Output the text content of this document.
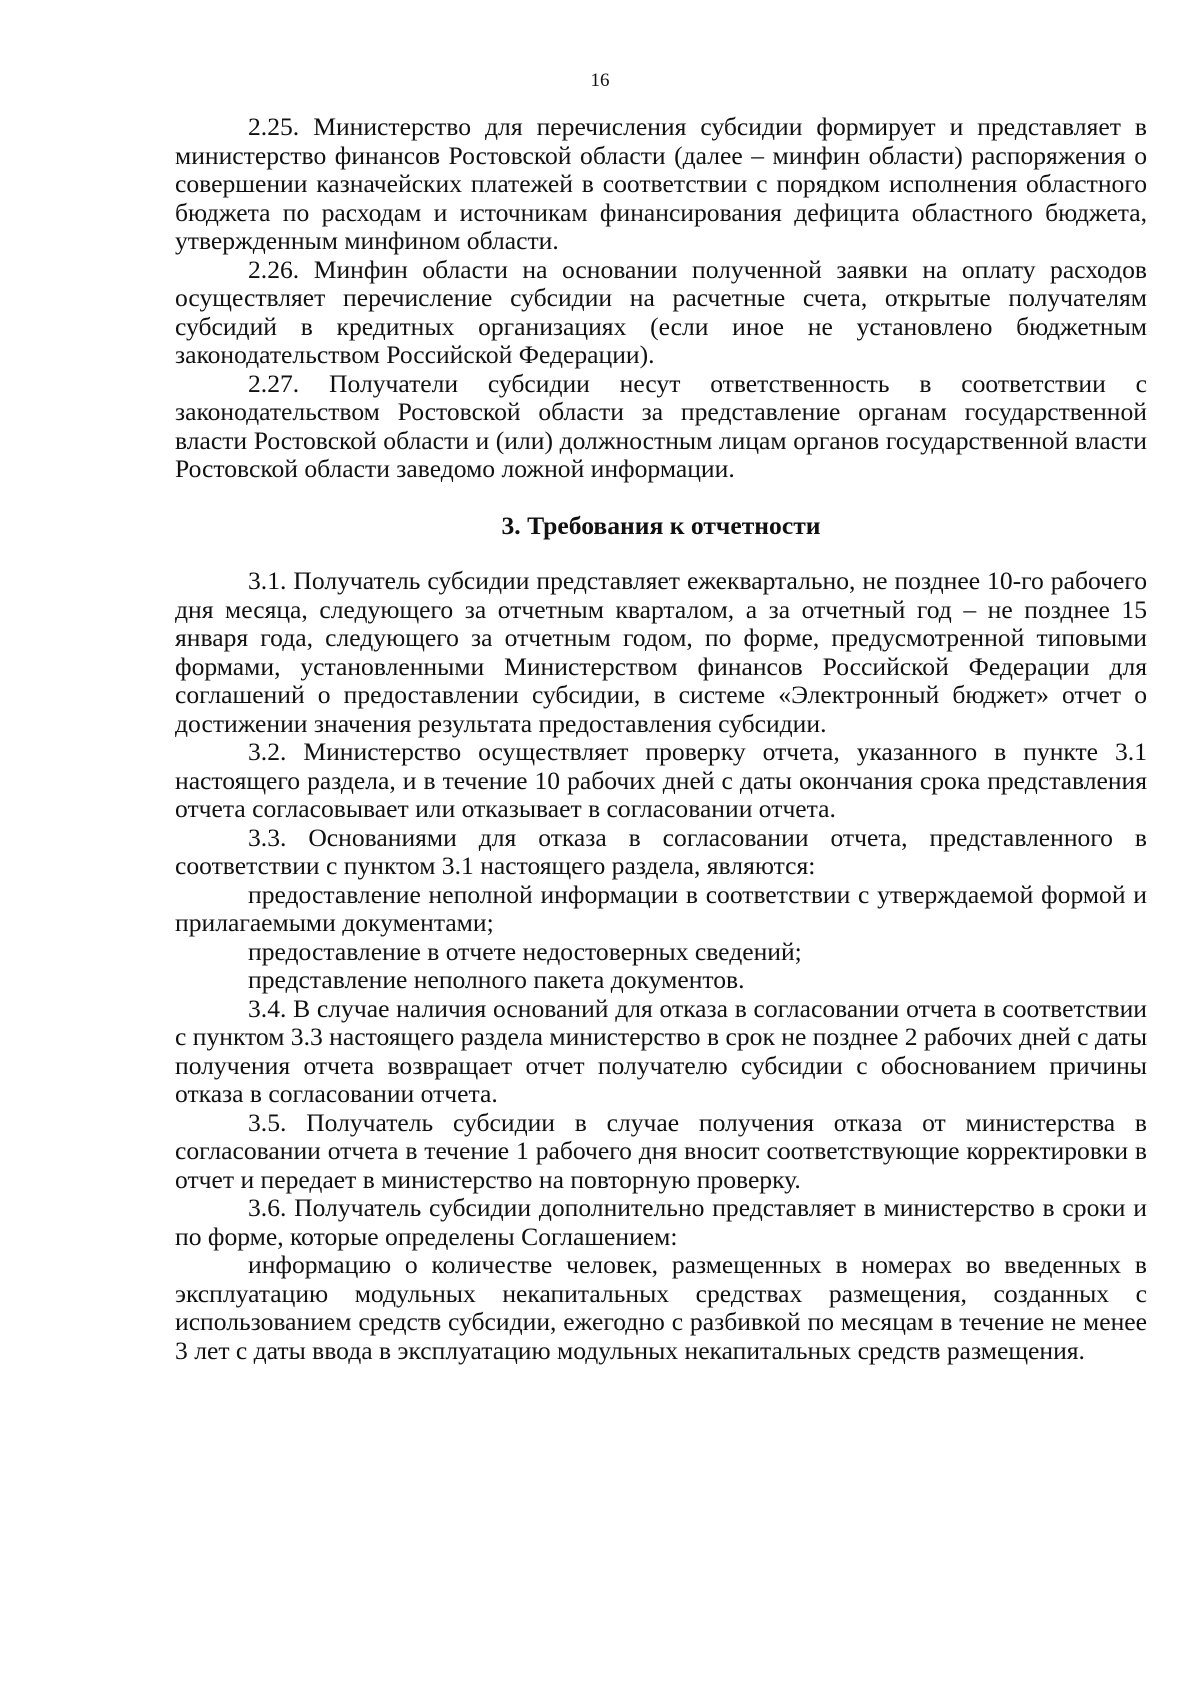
16

2.25. Министерство для перечисления субсидии формирует и представляет в министерство финансов Ростовской области (далее – минфин области) распоряжения о совершении казначейских платежей в соответствии с порядком исполнения областного бюджета по расходам и источникам финансирования дефицита областного бюджета, утвержденным минфином области.

2.26. Минфин области на основании полученной заявки на оплату расходов осуществляет перечисление субсидии на расчетные счета, открытые получателям субсидий в кредитных организациях (если иное не установлено бюджетным законодательством Российской Федерации).

2.27. Получатели субсидии несут ответственность в соответствии с законодательством Ростовской области за представление органам государственной власти Ростовской области и (или) должностным лицам органов государственной власти Ростовской области заведомо ложной информации.

3. Требования к отчетности

3.1. Получатель субсидии представляет ежеквартально, не позднее 10-го рабочего дня месяца, следующего за отчетным кварталом, а за отчетный год – не позднее 15 января года, следующего за отчетным годом, по форме, предусмотренной типовыми формами, установленными Министерством финансов Российской Федерации для соглашений о предоставлении субсидии, в системе «Электронный бюджет» отчет о достижении значения результата предоставления субсидии.

3.2. Министерство осуществляет проверку отчета, указанного в пункте 3.1 настоящего раздела, и в течение 10 рабочих дней с даты окончания срока представления отчета согласовывает или отказывает в согласовании отчета.

3.3. Основаниями для отказа в согласовании отчета, представленного в соответствии с пунктом 3.1 настоящего раздела, являются:

предоставление неполной информации в соответствии с утверждаемой формой и прилагаемыми документами;

предоставление в отчете недостоверных сведений;

представление неполного пакета документов.

3.4. В случае наличия оснований для отказа в согласовании отчета в соответствии с пунктом 3.3 настоящего раздела министерство в срок не позднее 2 рабочих дней с даты получения отчета возвращает отчет получателю субсидии с обоснованием причины отказа в согласовании отчета.

3.5. Получатель субсидии в случае получения отказа от министерства в согласовании отчета в течение 1 рабочего дня вносит соответствующие корректировки в отчет и передает в министерство на повторную проверку.

3.6. Получатель субсидии дополнительно представляет в министерство в сроки и по форме, которые определены Соглашением:

информацию о количестве человек, размещенных в номерах во введенных в эксплуатацию модульных некапитальных средствах размещения, созданных с использованием средств субсидии, ежегодно с разбивкой по месяцам в течение не менее 3 лет с даты ввода в эксплуатацию модульных некапитальных средств размещения.
